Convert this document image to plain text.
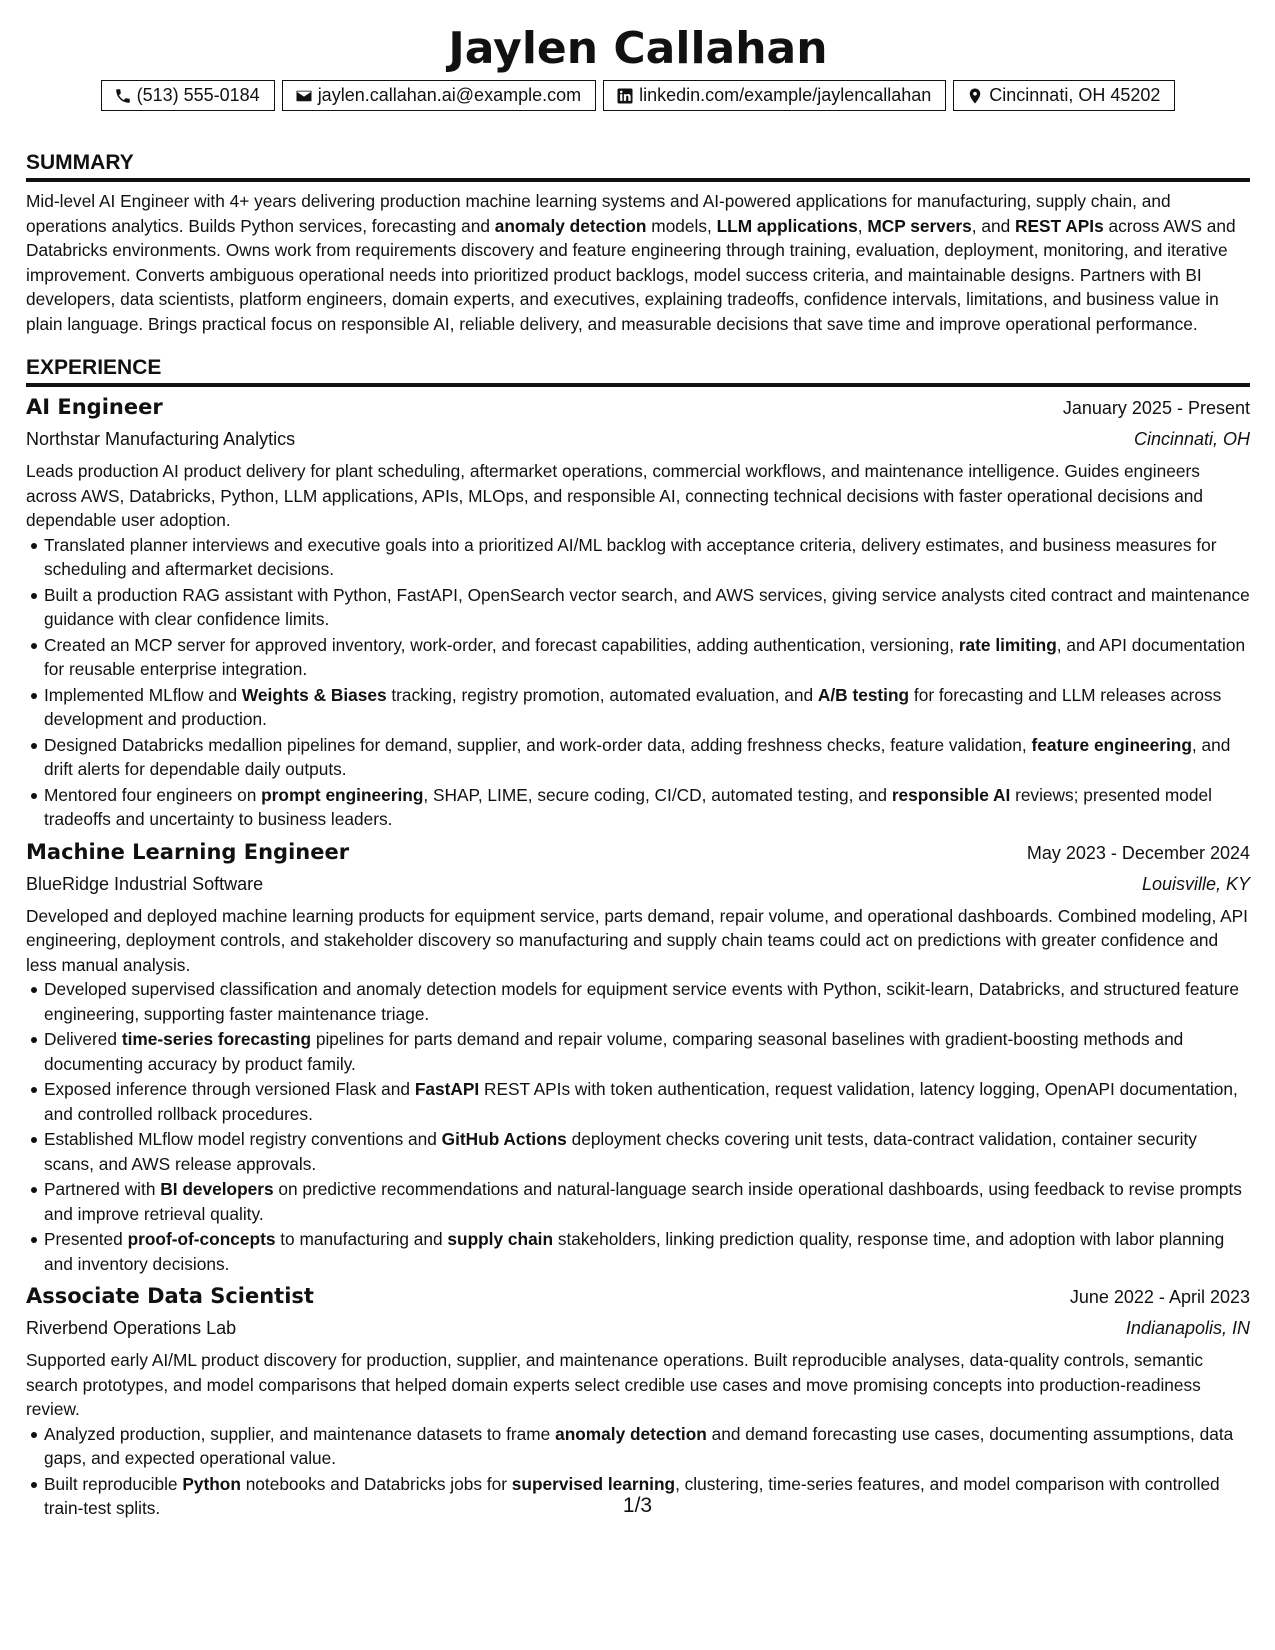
Jaylen Callahan
(513) 555-0184	jaylen.callahan.ai@example.com	linkedin.com/example/jaylencallahan	Cincinnati, OH 45202
SUMMARY
Mid-level AI Engineer with 4+ years delivering production machine learning systems and AI-powered applications for manufacturing, supply chain, and operations analytics. Builds Python services, forecasting and anomaly detection models, LLM applications, MCP servers, and REST APIs across AWS and Databricks environments. Owns work from requirements discovery and feature engineering through training, evaluation, deployment, monitoring, and iterative improvement. Converts ambiguous operational needs into prioritized product backlogs, model success criteria, and maintainable designs. Partners with BI developers, data scientists, platform engineers, domain experts, and executives, explaining tradeoffs, confidence intervals, limitations, and business value in plain language. Brings practical focus on responsible AI, reliable delivery, and measurable decisions that save time and improve operational performance.
EXPERIENCE
AI Engineer	January 2025 - Present
Northstar Manufacturing Analytics	Cincinnati, OH
Leads production AI product delivery for plant scheduling, aftermarket operations, commercial workflows, and maintenance intelligence. Guides engineers across AWS, Databricks, Python, LLM applications, APIs, MLOps, and responsible AI, connecting technical decisions with faster operational decisions and dependable user adoption.
Translated planner interviews and executive goals into a prioritized AI/ML backlog with acceptance criteria, delivery estimates, and business measures for scheduling and aftermarket decisions.
Built a production RAG assistant with Python, FastAPI, OpenSearch vector search, and AWS services, giving service analysts cited contract and maintenance guidance with clear confidence limits.
Created an MCP server for approved inventory, work-order, and forecast capabilities, adding authentication, versioning, rate limiting, and API documentation for reusable enterprise integration.
Implemented MLflow and Weights & Biases tracking, registry promotion, automated evaluation, and A/B testing for forecasting and LLM releases across development and production.
Designed Databricks medallion pipelines for demand, supplier, and work-order data, adding freshness checks, feature validation, feature engineering, and drift alerts for dependable daily outputs.
Mentored four engineers on prompt engineering, SHAP, LIME, secure coding, CI/CD, automated testing, and responsible AI reviews; presented model tradeoffs and uncertainty to business leaders.
Machine Learning Engineer	May 2023 - December 2024
BlueRidge Industrial Software	Louisville, KY
Developed and deployed machine learning products for equipment service, parts demand, repair volume, and operational dashboards. Combined modeling, API engineering, deployment controls, and stakeholder discovery so manufacturing and supply chain teams could act on predictions with greater confidence and less manual analysis.
Developed supervised classification and anomaly detection models for equipment service events with Python, scikit-learn, Databricks, and structured feature engineering, supporting faster maintenance triage.
Delivered time-series forecasting pipelines for parts demand and repair volume, comparing seasonal baselines with gradient-boosting methods and documenting accuracy by product family.
Exposed inference through versioned Flask and FastAPI REST APIs with token authentication, request validation, latency logging, OpenAPI documentation, and controlled rollback procedures.
Established MLflow model registry conventions and GitHub Actions deployment checks covering unit tests, data-contract validation, container security scans, and AWS release approvals.
Partnered with BI developers on predictive recommendations and natural-language search inside operational dashboards, using feedback to revise prompts and improve retrieval quality.
Presented proof-of-concepts to manufacturing and supply chain stakeholders, linking prediction quality, response time, and adoption with labor planning and inventory decisions.
Associate Data Scientist	June 2022 - April 2023
Riverbend Operations Lab	Indianapolis, IN
Supported early AI/ML product discovery for production, supplier, and maintenance operations. Built reproducible analyses, data-quality controls, semantic search prototypes, and model comparisons that helped domain experts select credible use cases and move promising concepts into production-readiness review.
Analyzed production, supplier, and maintenance datasets to frame anomaly detection and demand forecasting use cases, documenting assumptions, data gaps, and expected operational value.
Built reproducible Python notebooks and Databricks jobs for supervised learning, clustering, time-series features, and model comparison with controlled train-test splits.	1/3
